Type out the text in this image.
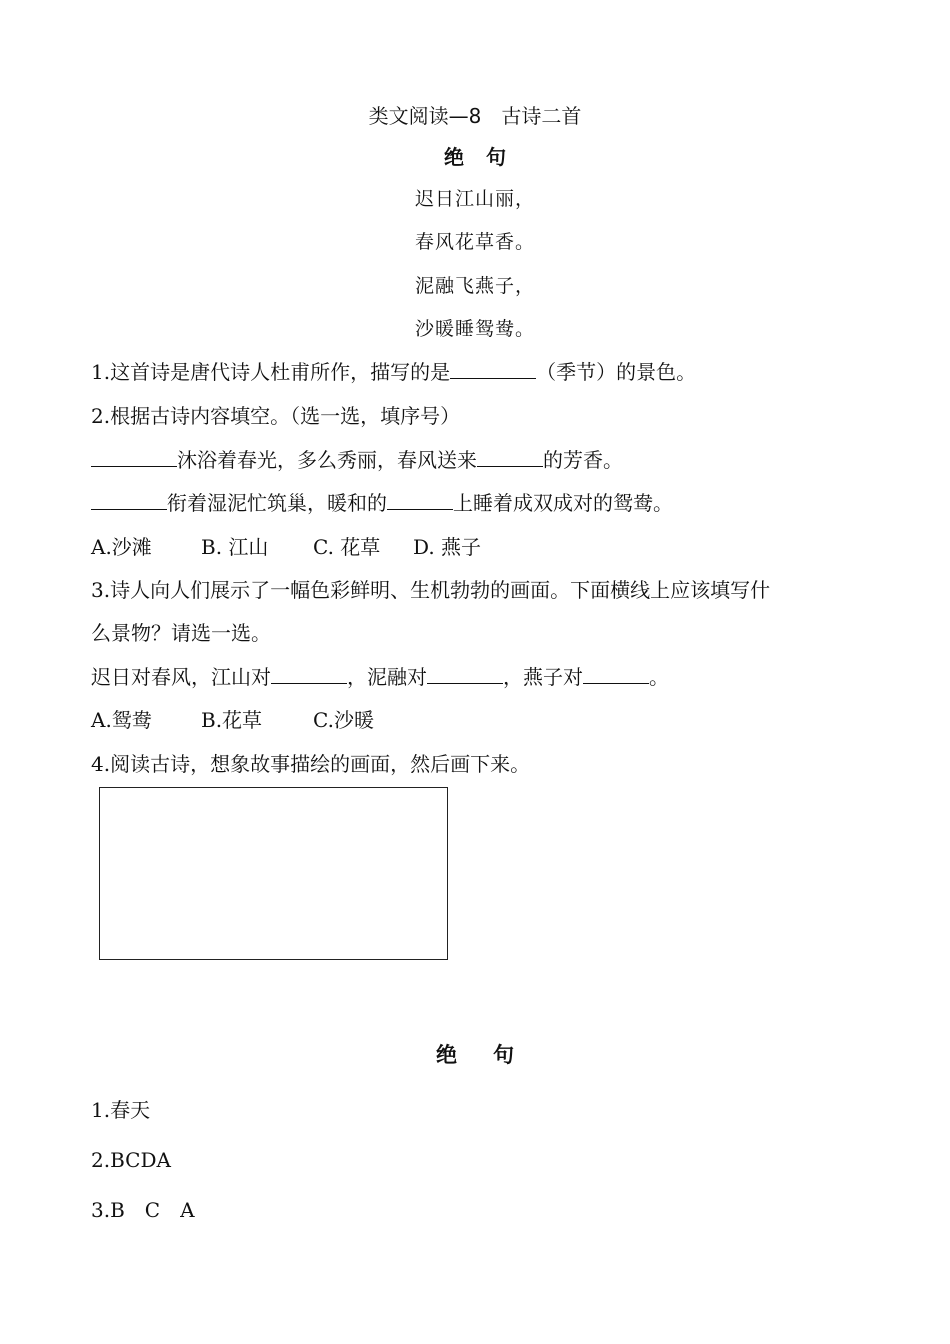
类文阅读—8　古诗二首
绝句
迟日江山丽，
春风花草香。
泥融飞燕子，
沙暖睡鸳鸯。
1.这首诗是唐代诗人杜甫所作，描写的是	（季节）的景色。
2.根据古诗内容填空。（选一选，填序号）
沐浴着春光，多么秀丽，春风送来	的芳香。
衔着湿泥忙筑巢，暖和的	上睡着成双成对的鸳鸯。
A.沙滩 B. 江山 C. 花草 D. 燕子
3.诗人向人们展示了一幅色彩鲜明、生机勃勃的画面。下面横线上应该填写什
么景物？请选一选。
迟日对春风，江山对	，泥融对	，燕子对	。
A.鸳鸯 B.花草	C.沙暖
4.阅读古诗，想象故事描绘的画面，然后画下来。
绝句
1.春天
2.BCDA
3.B　C　A
